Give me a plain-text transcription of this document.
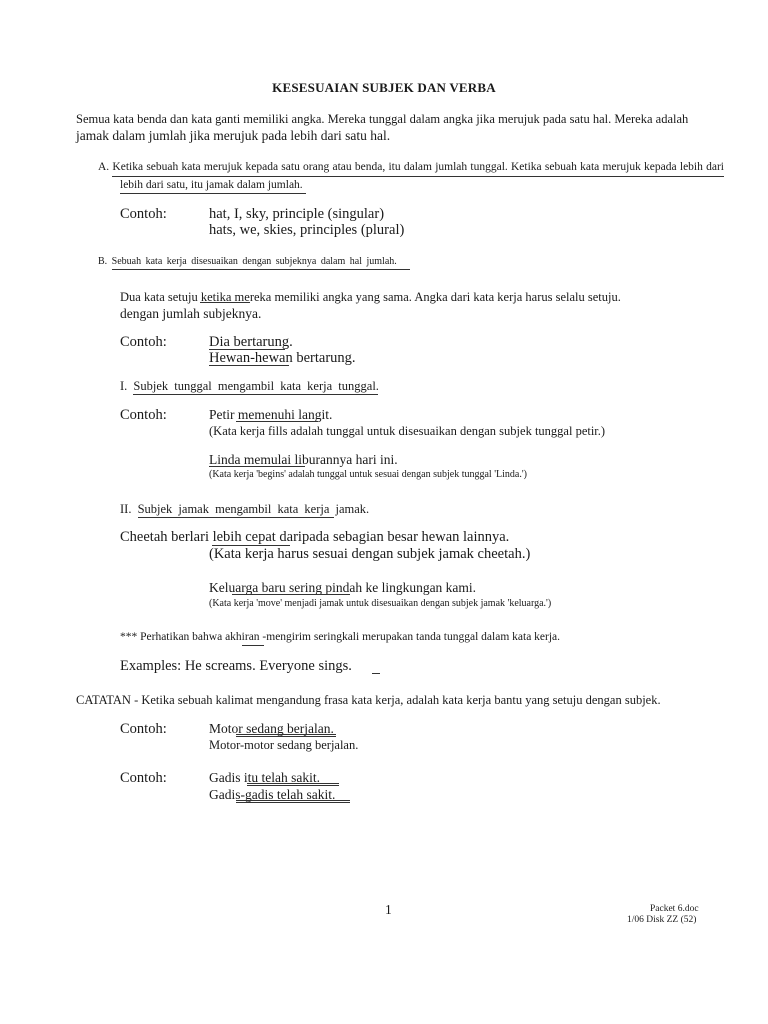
KESESUAIAN SUBJEK DAN VERBA
Semua kata benda dan kata ganti memiliki angka. Mereka tunggal dalam angka jika merujuk pada satu hal. Mereka adalah
jamak dalam jumlah jika merujuk pada lebih dari satu hal.
A. Ketika sebuah kata merujuk kepada satu orang atau benda, itu dalam jumlah tunggal. Ketika sebuah kata merujuk kepada lebih dari
lebih dari satu, itu jamak dalam jumlah.
Contoh:	hat, I, sky, principle (singular)
hats, we, skies, principles (plural)
B. Sebuah kata kerja disesuaikan dengan subjeknya dalam hal jumlah.
Dua kata setuju ketika mereka memiliki angka yang sama. Angka dari kata kerja harus selalu setuju.
dengan jumlah subjeknya.
Contoh:	Dia bertarung.
Hewan-hewan bertarung.
I. Subjek tunggal mengambil kata kerja tunggal.
Contoh:	Petir memenuhi langit.
(Kata kerja fills adalah tunggal untuk disesuaikan dengan subjek tunggal petir.)
Linda memulai liburannya hari ini.
(Kata kerja 'begins' adalah tunggal untuk sesuai dengan subjek tunggal 'Linda.')
II. Subjek jamak mengambil kata kerja jamak.
Cheetah berlari lebih cepat daripada sebagian besar hewan lainnya.
(Kata kerja harus sesuai dengan subjek jamak cheetah.)
Keluarga baru sering pindah ke lingkungan kami.
(Kata kerja 'move' menjadi jamak untuk disesuaikan dengan subjek jamak 'keluarga.')
*** Perhatikan bahwa akhiran -mengirim seringkali merupakan tanda tunggal dalam kata kerja.
Examples: He screams. Everyone sings.
CATATAN - Ketika sebuah kalimat mengandung frasa kata kerja, adalah kata kerja bantu yang setuju dengan subjek.
Contoh:	Motor sedang berjalan.
Motor-motor sedang berjalan.
Contoh:	Gadis itu telah sakit.
Gadis-gadis telah sakit.
1	Packet 6.doc
1/06 Disk ZZ (52)
